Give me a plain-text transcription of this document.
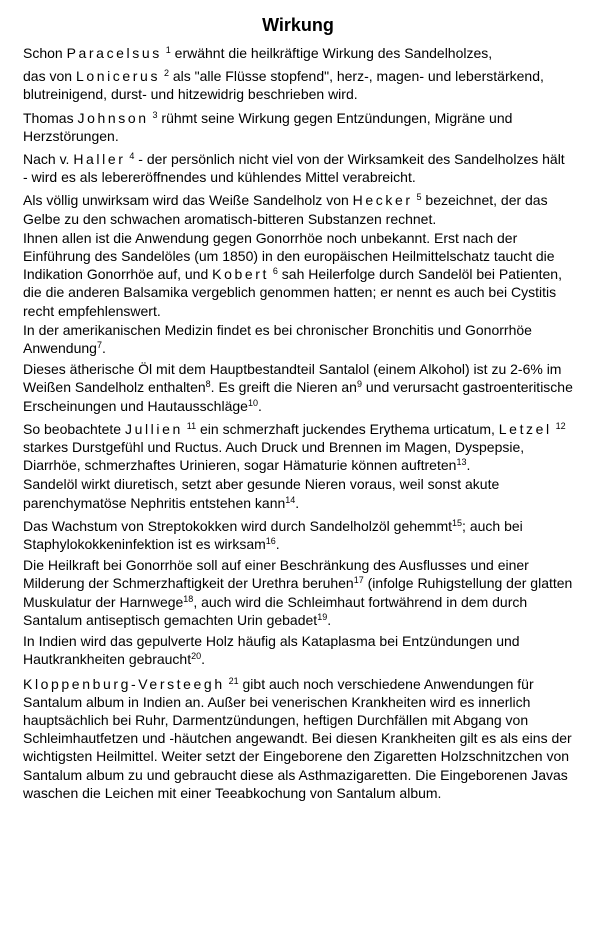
Wirkung

Schon Paracelsus $^1$ erwähnt die heilkräftige Wirkung des Sandelholzes,

das von Lonicerus $^2$ als "alle Flüsse stopfend", herz-, magen- und leberstärkend, blutreinigend, durst- und hitzewidrig beschrieben wird.

Thomas Johnson $^3$ rühmt seine Wirkung gegen Entzündungen, Migräne und Herzstörungen.

Nach v. Haller $^4$ - der persönlich nicht viel von der Wirksamkeit des Sandelholzes hält - wird es als lebereröffnendes und kühlendes Mittel verabreicht.

Als völlig unwirksam wird das Weiße Sandelholz von Hecker $^5$ bezeichnet, der das Gelbe zu den schwachen aromatisch-bitteren Substanzen rechnet.

Ihnen allen ist die Anwendung gegen Gonorrhöe noch unbekannt. Erst nach der Einführung des Sandelöles (um 1850) in den europäischen Heilmittelschatz taucht die Indikation Gonorrhöe auf, und Kobert $^6$ sah Heilerfolge durch Sandelöl bei Patienten, die die anderen Balsamika vergeblich genommen hatten; er nennt es auch bei Cystitis recht empfehlenswert.

In der amerikanischen Medizin findet es bei chronischer Bronchitis und Gonorrhöe Anwendung$^7$.

Dieses ätherische Öl mit dem Hauptbestandteil Santalol (einem Alkohol) ist zu 2-6% im Weißen Sandelholz enthalten$^8$. Es greift die Nieren $an^9$ und verursacht gastroenteritische Erscheinungen und Hautausschläge$^{10}$.

So beobachtete Jullien $^{11}$ ein schmerzhaft juckendes Erythema urticatum, Letzel $^{12}$ starkes Durstgefühl und Ructus. Auch Druck und Brennen im Magen, Dyspepsie, Diarrhöe, schmerzhaftes Urinieren, sogar Hämaturie können auftreten$^{13}$.

Sandelöl wirkt diuretisch, setzt aber gesunde Nieren voraus, weil sonst akute parenchymatöse Nephritis entstehen kann$^{14}$.

Das Wachstum von Streptokokken wird durch Sandelholzöl gehemmt$^{15}$; auch bei Staphylokokkeninfektion ist es wirksam$^{16}$.

Die Heilkraft bei Gonorrhöe soll auf einer Beschränkung des Ausflusses und einer Milderung der Schmerzhaftigkeit der Urethra beruhen$^{17}$ (infolge Ruhigstellung der glatten Muskulatur der Harnwege$^{18}$, auch wird die Schleimhaut fortwährend in dem durch Santalum antiseptisch gemachten Urin gebadet$^{19}$.

In Indien wird das gepulverte Holz häufig als Kataplasma bei Entzündungen und Hautkrankheiten gebraucht$^{20}$.

Kloppenburg-Versteegh $^{21}$ gibt auch noch verschiedene Anwendungen für Santalum album in Indien an. Außer bei venerischen Krankheiten wird es innerlich hauptsächlich bei Ruhr, Darmentzündungen, heftigen Durchfällen mit Abgang von Schleimhautfetzen und -häutchen angewandt. Bei diesen Krankheiten gilt es als eins der wichtigsten Heilmittel. Weiter setzt der Eingeborene den Zigaretten Holzschnitzchen von Santalum album zu und gebraucht diese als Asthmazigaretten. Die Eingeborenen Javas waschen die Leichen mit einer Teeabkochung von Santalum album.
